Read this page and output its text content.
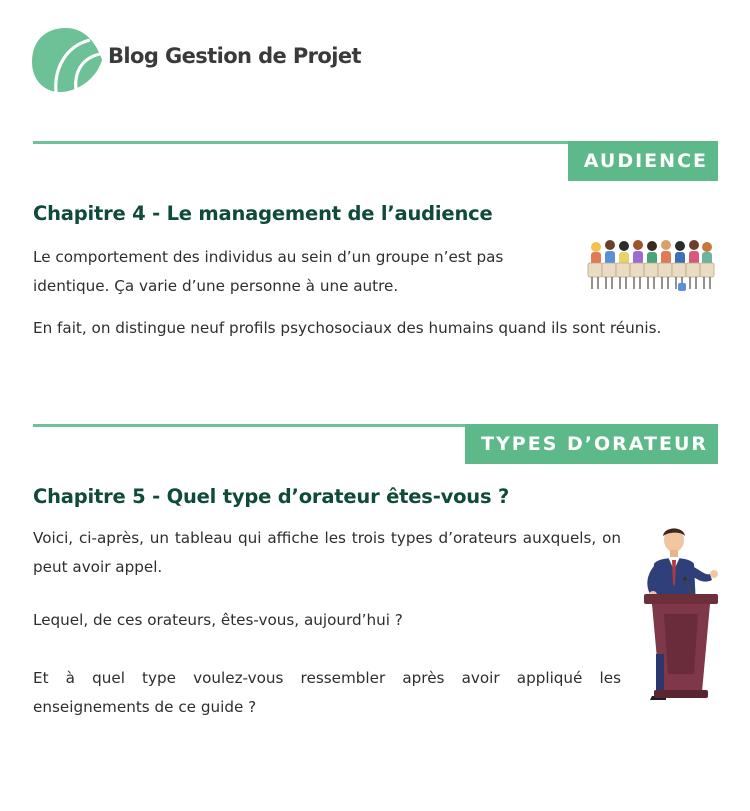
Blog Gestion de Projet
AUDIENCE
Chapitre 4 - Le management de l’audience

Le comportement des individus au sein d’un groupe n’est pas identique. Ça varie d’une personne à une autre.

En fait, on distingue neuf profils psychosociaux des humains quand ils sont réunis.

TYPES D’ORATEUR
Chapitre 5 - Quel type d’orateur êtes-vous ?

Voici, ci-après, un tableau qui affiche les trois types d’orateurs auxquels, on peut avoir appel.

Lequel, de ces orateurs, êtes-vous, aujourd’hui ?

Et à quel type voulez-vous ressembler après avoir appliqué les enseignements de ce guide ?
